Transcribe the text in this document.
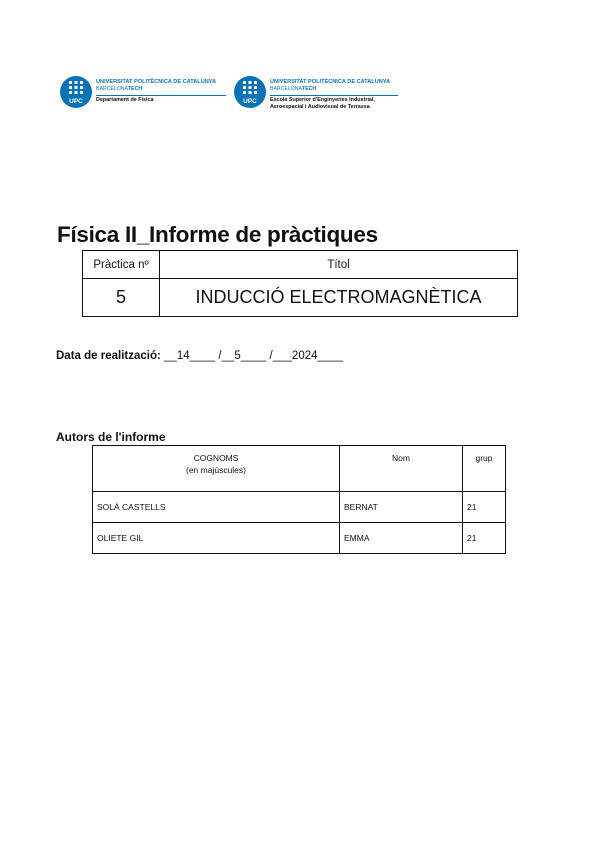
UPC
UNIVERSITAT POLITÈCNICA DE CATALUNYA
BARCELONATECH
Departament de Física	UPC
UNIVERSITAT POLITÈCNICA DE CATALUNYA
BARCELONATECH
Escola Superior d'Enginyeries Industrial,
Aeroespacial i Audiovisual de Terrassa
Física II_Informe de pràctiques
Pràctica nº	Títol
5	INDUCCIÓ ELECTROMAGNÈTICA
Data de realització: __14____ /__5____ /___2024____
Autors de l'informe
COGNOMS
(en majúscules)	Nom	grup
SOLÀ CASTELLS	BERNAT	21
OLIETE GIL	EMMA	21
